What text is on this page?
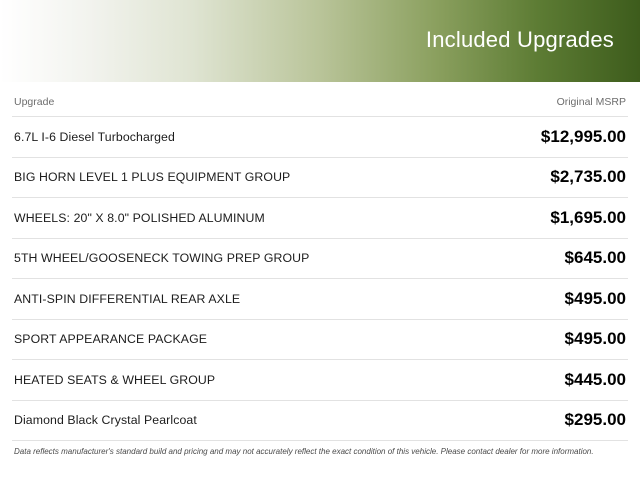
Included Upgrades
Upgrade	Original MSRP
6.7L I-6 Diesel Turbocharged	$12,995.00
BIG HORN LEVEL 1 PLUS EQUIPMENT GROUP	$2,735.00
WHEELS: 20" X 8.0" POLISHED ALUMINUM	$1,695.00
5TH WHEEL/GOOSENECK TOWING PREP GROUP	$645.00
ANTI-SPIN DIFFERENTIAL REAR AXLE	$495.00
SPORT APPEARANCE PACKAGE	$495.00
HEATED SEATS & WHEEL GROUP	$445.00
Diamond Black Crystal Pearlcoat	$295.00
Data reflects manufacturer's standard build and pricing and may not accurately reflect the exact condition of this vehicle. Please contact dealer for more information.
